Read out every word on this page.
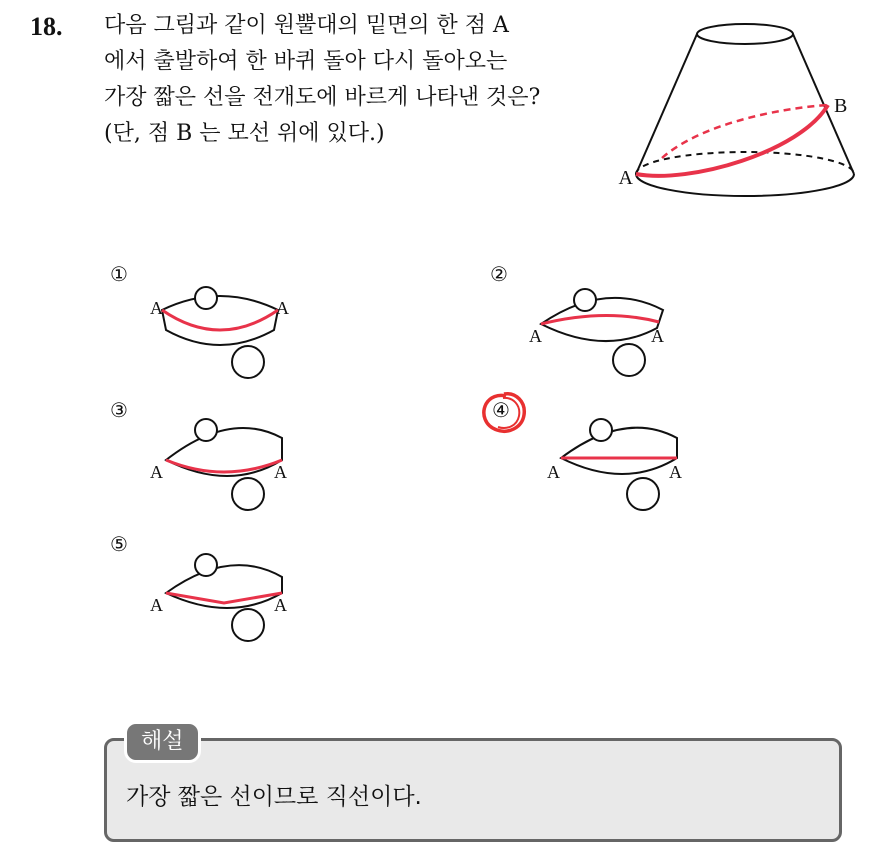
18. 다음 그림과 같이 원뿔대의 밑면의 한 점 A
에서 출발하여 한 바퀴 돌아 다시 돌아오는
가장 짧은 선을 전개도에 바르게 나타낸 것은?
(단, 점 B 는 모선 위에 있다.)
A
B
①
A	A
②
A	A
③
A	A
④
A	A
⑤
A	A
해설
가장 짧은 선이므로 직선이다.
